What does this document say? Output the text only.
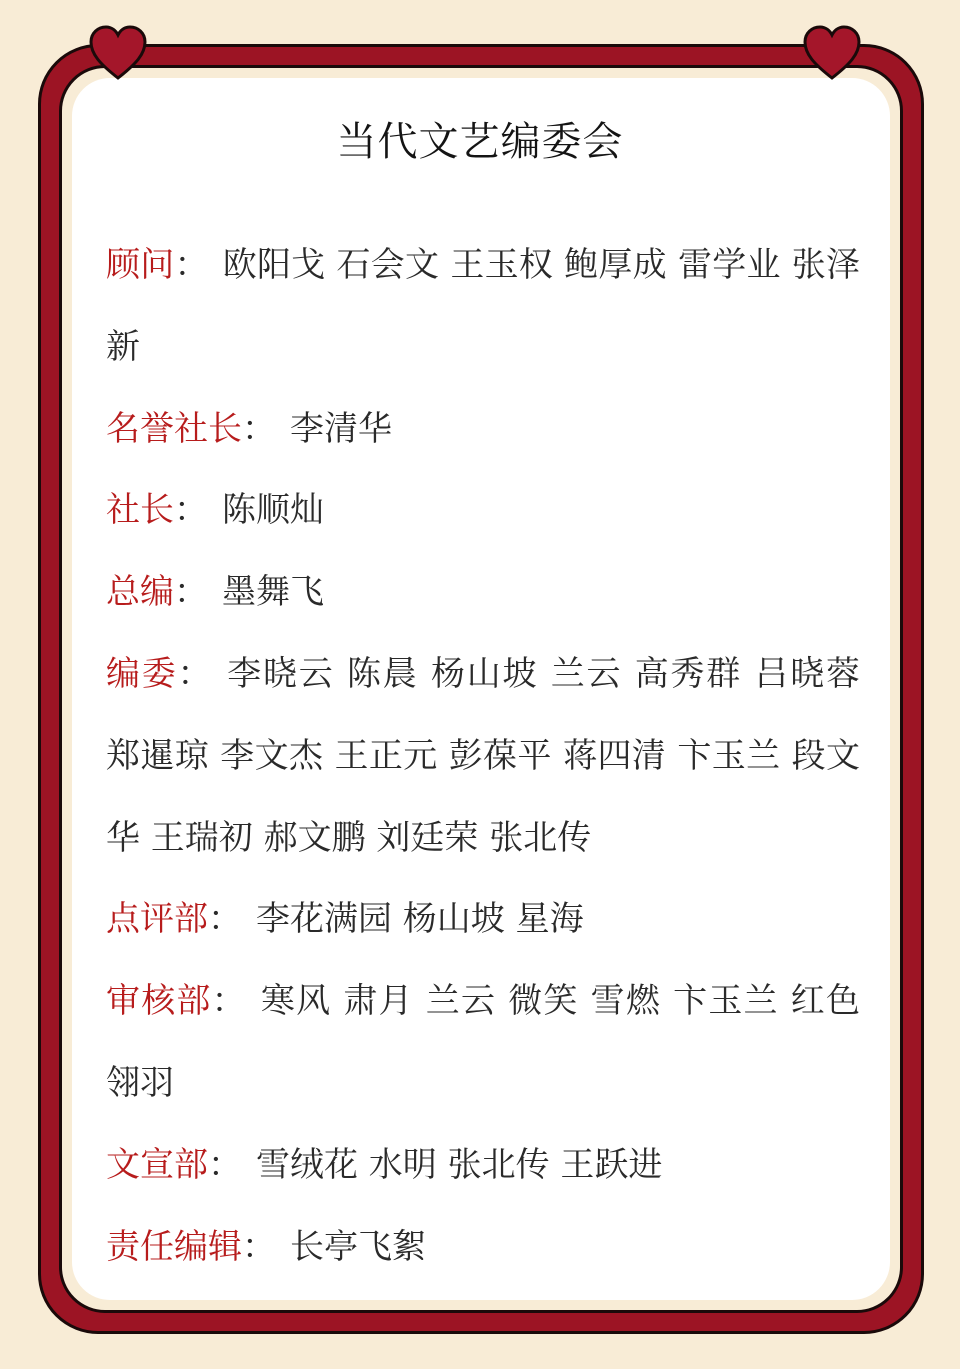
当代文艺编委会
顾问： 欧阳戈 石会文 王玉权 鲍厚成 雷学业 张泽新
名誉社长： 李清华
社长： 陈顺灿
总编： 墨舞飞
编委： 李晓云 陈晨 杨山坡 兰云 高秀群 吕晓蓉 郑暹琼 李文杰 王正元 彭葆平 蒋四清 卞玉兰 段文华 王瑞初 郝文鹏 刘廷荣 张北传
点评部： 李花满园 杨山坡 星海
审核部： 寒风 肃月 兰云 微笑 雪燃 卞玉兰 红色翎羽
文宣部： 雪绒花 水明 张北传 王跃进
责任编辑： 长亭飞絮
